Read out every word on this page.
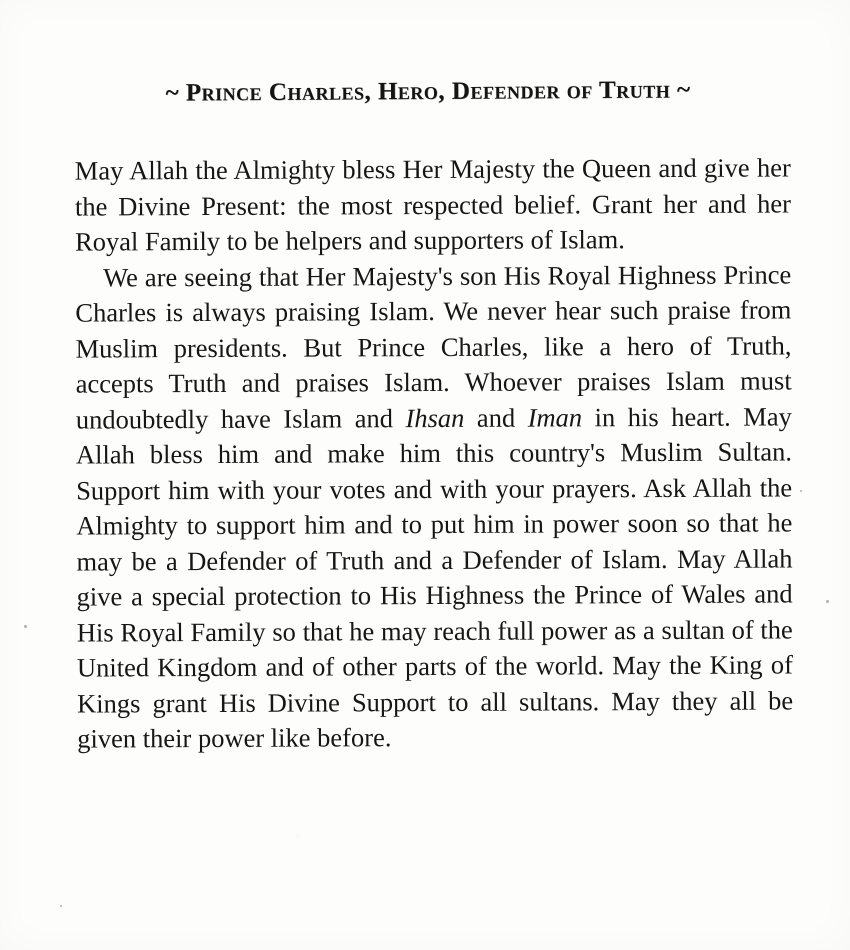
~ Prince Charles, Hero, Defender of Truth ~

May Allah the Almighty bless Her Majesty the Queen and give her the Divine Present: the most respected belief. Grant her and her Royal Family to be helpers and supporters of Islam.

We are seeing that Her Majesty's son His Royal Highness Prince Charles is always praising Islam. We never hear such praise from Muslim presidents. But Prince Charles, like a hero of Truth, accepts Truth and praises Islam. Whoever praises Islam must undoubtedly have Islam and Ihsan and Iman in his heart. May Allah bless him and make him this country's Muslim Sultan. Support him with your votes and with your prayers. Ask Allah the Almighty to support him and to put him in power soon so that he may be a Defender of Truth and a Defender of Islam. May Allah give a special protection to His Highness the Prince of Wales and His Royal Family so that he may reach full power as a sultan of the United Kingdom and of other parts of the world. May the King of Kings grant His Divine Support to all sultans. May they all be given their power like before.
